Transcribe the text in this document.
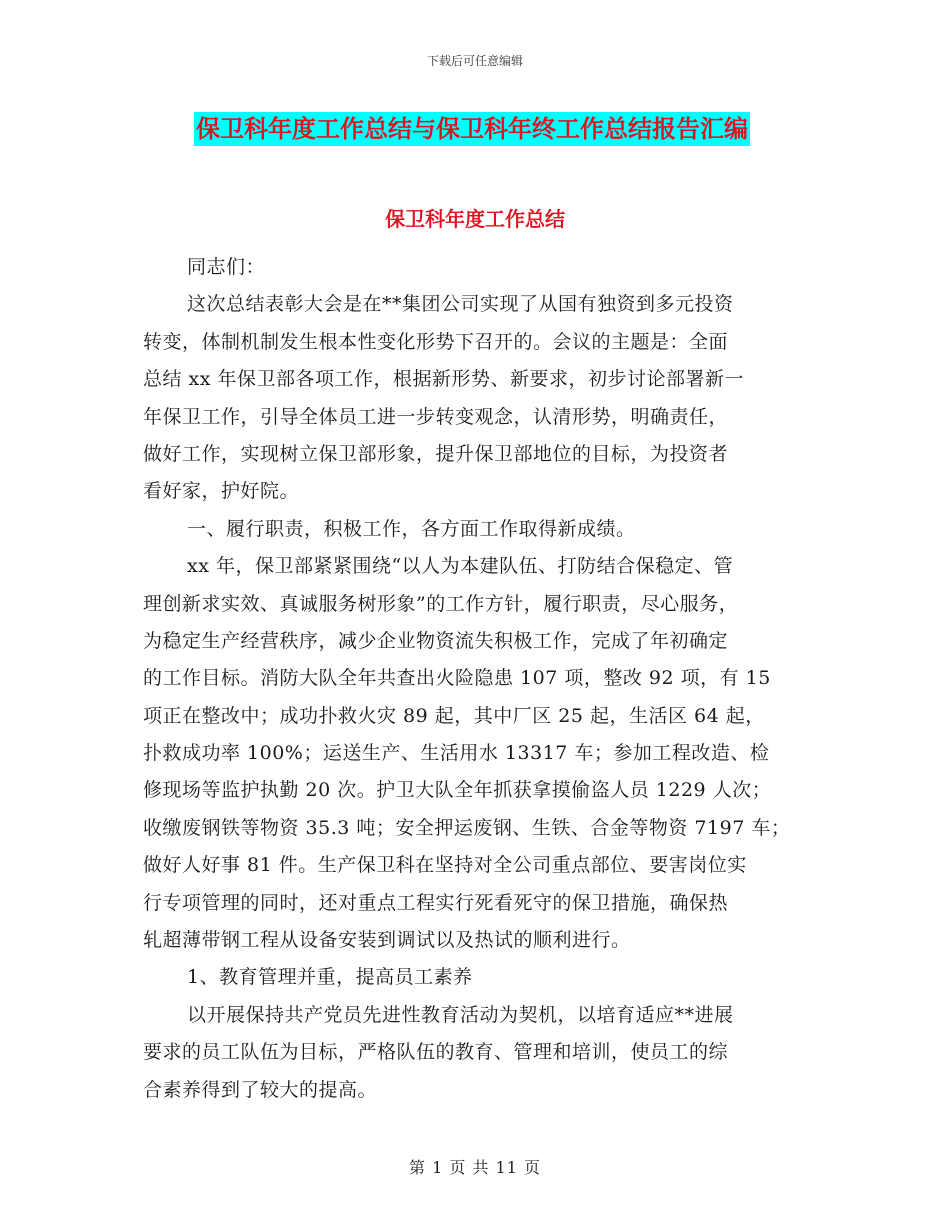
下载后可任意编辑
保卫科年度工作总结与保卫科年终工作总结报告汇编
保卫科年度工作总结
同志们：
这次总结表彰大会是在**集团公司实现了从国有独资到多元投资
转变，体制机制发生根本性变化形势下召开的。会议的主题是：全面
总结 xx 年保卫部各项工作，根据新形势、新要求，初步讨论部署新一
年保卫工作，引导全体员工进一步转变观念，认清形势，明确责任，
做好工作，实现树立保卫部形象，提升保卫部地位的目标，为投资者
看好家，护好院。
一、履行职责，积极工作，各方面工作取得新成绩。
xx 年，保卫部紧紧围绕“以人为本建队伍、打防结合保稳定、管
理创新求实效、真诚服务树形象”的工作方针，履行职责，尽心服务，
为稳定生产经营秩序，减少企业物资流失积极工作，完成了年初确定
的工作目标。消防大队全年共查出火险隐患 107 项，整改 92 项，有 15
项正在整改中；成功扑救火灾 89 起，其中厂区 25 起，生活区 64 起，
扑救成功率 100%；运送生产、生活用水 13317 车；参加工程改造、检
修现场等监护执勤 20 次。护卫大队全年抓获拿摸偷盗人员 1229 人次；
收缴废钢铁等物资 35.3 吨；安全押运废钢、生铁、合金等物资 7197 车；
做好人好事 81 件。生产保卫科在坚持对全公司重点部位、要害岗位实
行专项管理的同时，还对重点工程实行死看死守的保卫措施，确保热
轧超薄带钢工程从设备安装到调试以及热试的顺利进行。
1、教育管理并重，提高员工素养
以开展保持共产党员先进性教育活动为契机，以培育适应**进展
要求的员工队伍为目标，严格队伍的教育、管理和培训，使员工的综
合素养得到了较大的提高。
第 1 页 共 11 页
